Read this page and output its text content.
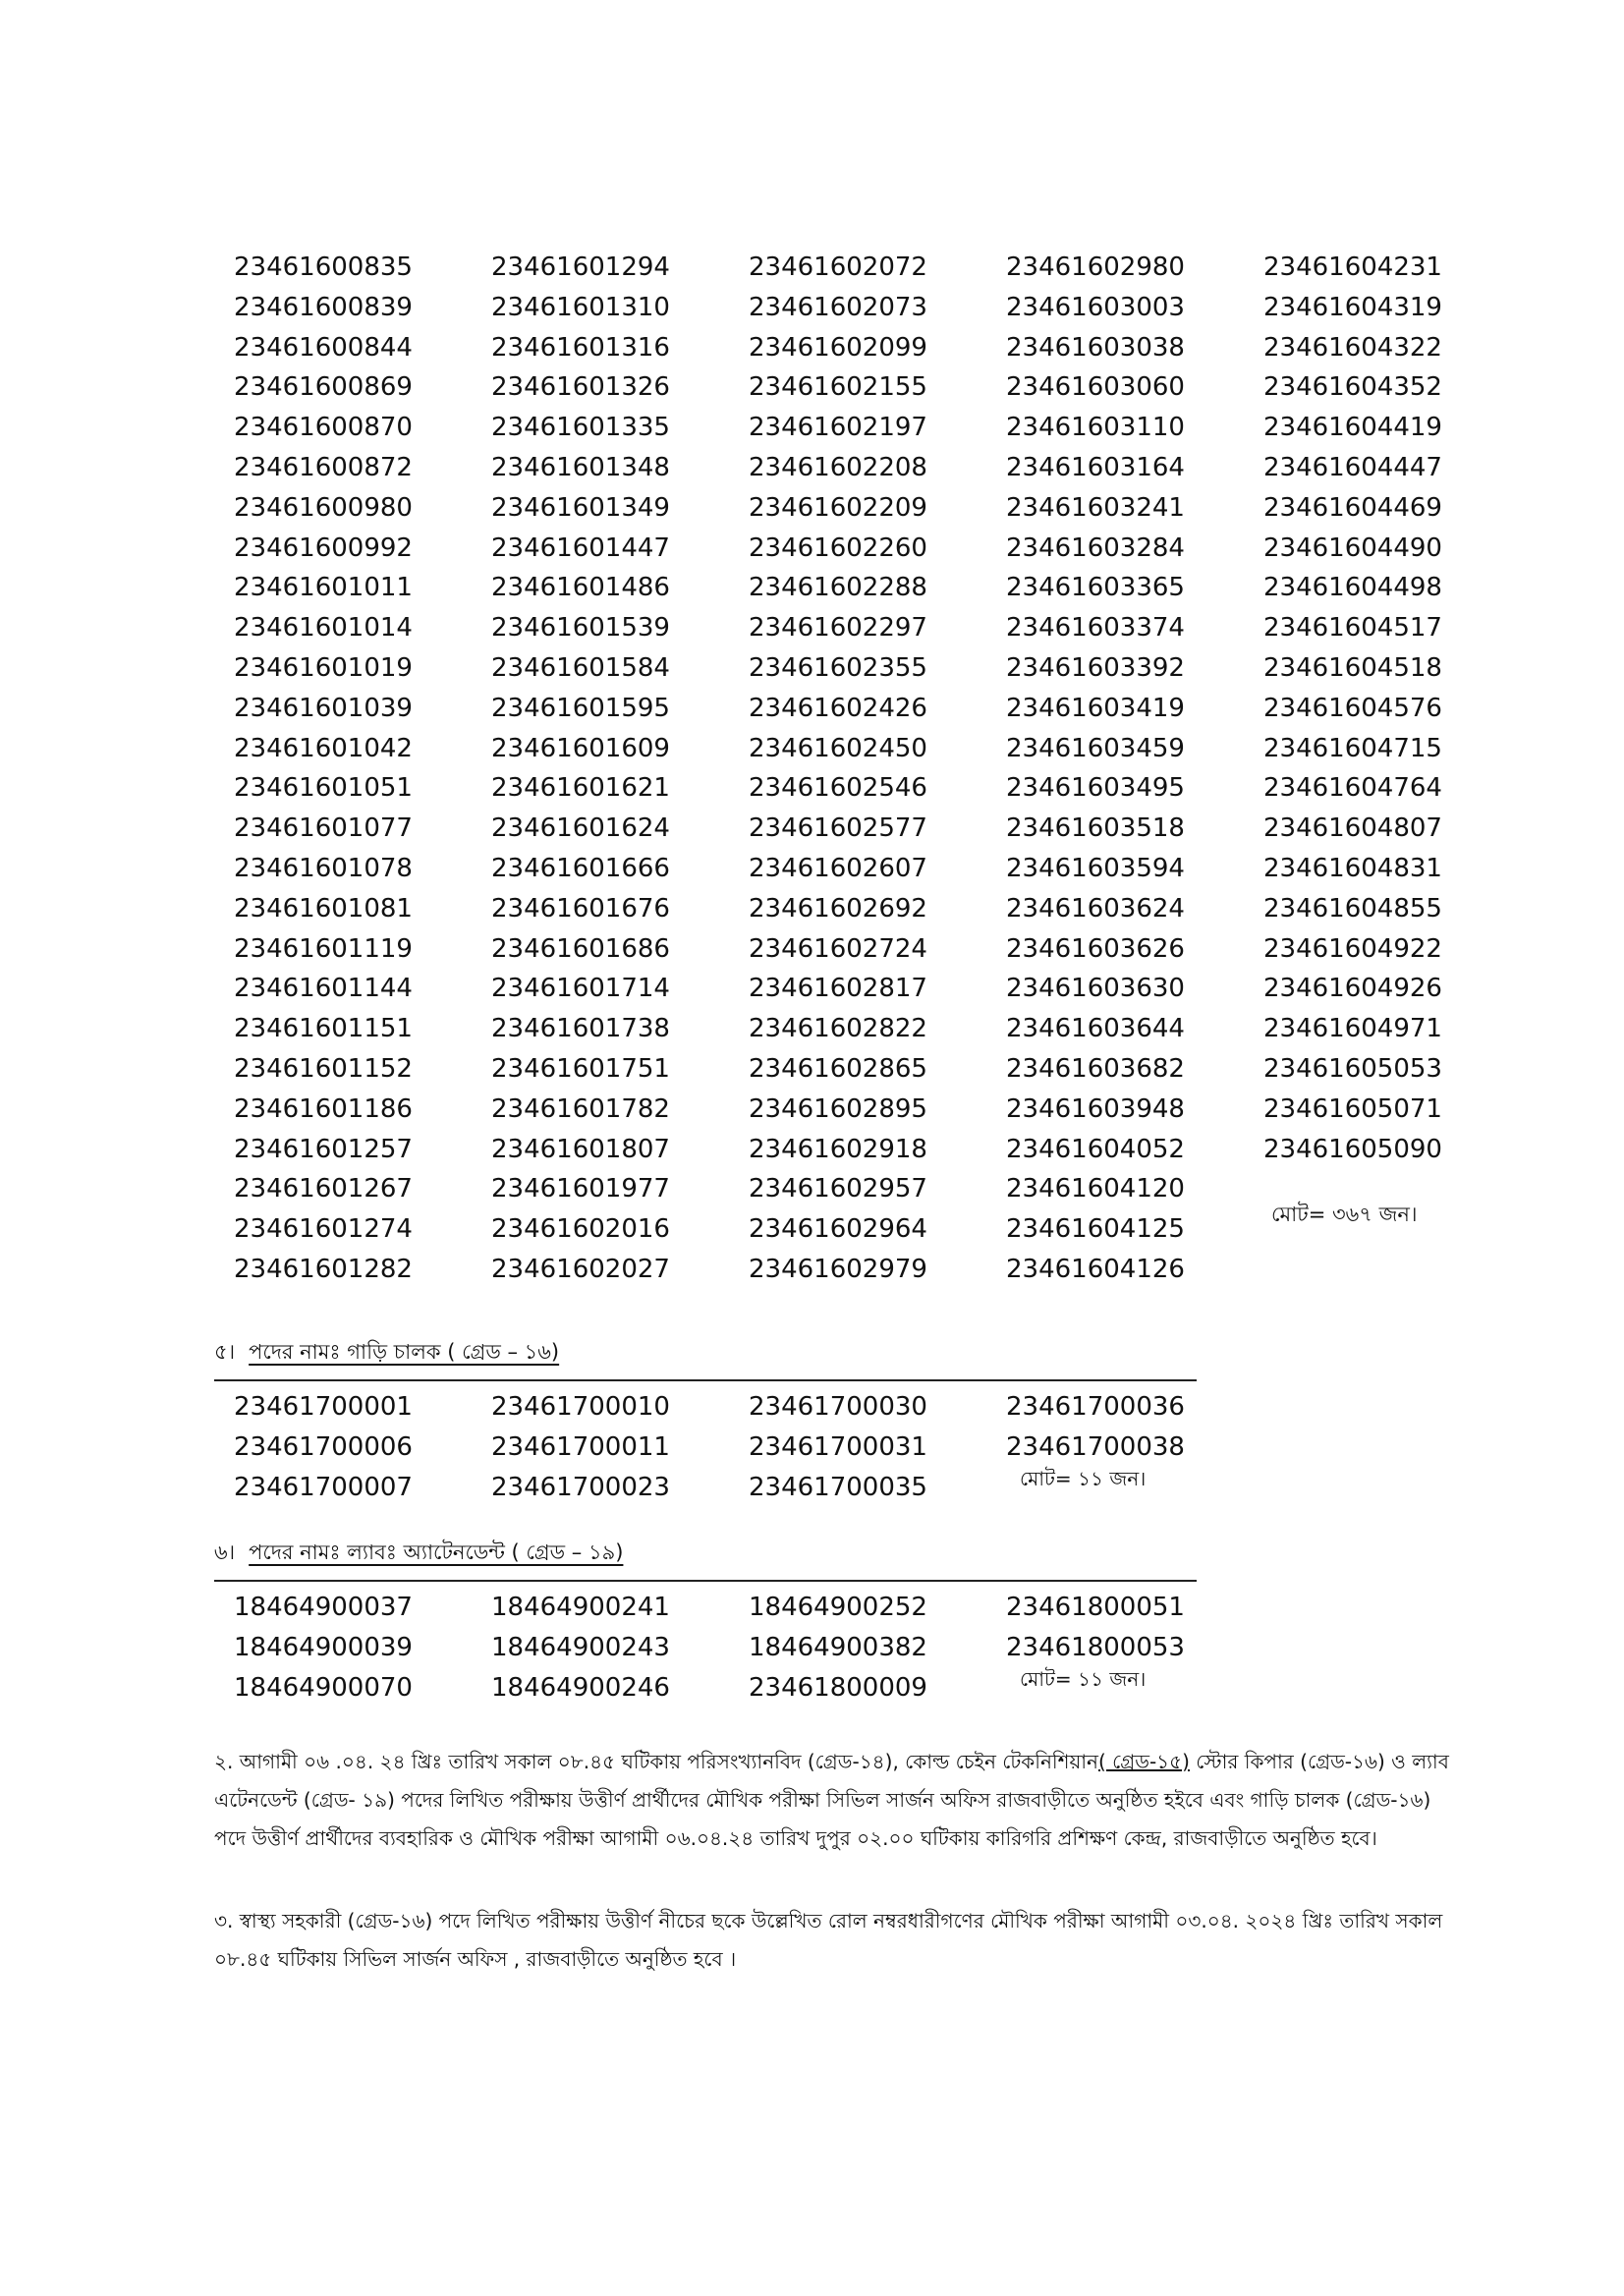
23461600835
23461600839
23461600844
23461600869
23461600870
23461600872
23461600980
23461600992
23461601011
23461601014
23461601019
23461601039
23461601042
23461601051
23461601077
23461601078
23461601081
23461601119
23461601144
23461601151
23461601152
23461601186
23461601257
23461601267
23461601274
23461601282
23461601294
23461601310
23461601316
23461601326
23461601335
23461601348
23461601349
23461601447
23461601486
23461601539
23461601584
23461601595
23461601609
23461601621
23461601624
23461601666
23461601676
23461601686
23461601714
23461601738
23461601751
23461601782
23461601807
23461601977
23461602016
23461602027
23461602072
23461602073
23461602099
23461602155
23461602197
23461602208
23461602209
23461602260
23461602288
23461602297
23461602355
23461602426
23461602450
23461602546
23461602577
23461602607
23461602692
23461602724
23461602817
23461602822
23461602865
23461602895
23461602918
23461602957
23461602964
23461602979
23461602980
23461603003
23461603038
23461603060
23461603110
23461603164
23461603241
23461603284
23461603365
23461603374
23461603392
23461603419
23461603459
23461603495
23461603518
23461603594
23461603624
23461603626
23461603630
23461603644
23461603682
23461603948
23461604052
23461604120
23461604125
23461604126
23461604231
23461604319
23461604322
23461604352
23461604419
23461604447
23461604469
23461604490
23461604498
23461604517
23461604518
23461604576
23461604715
23461604764
23461604807
23461604831
23461604855
23461604922
23461604926
23461604971
23461605053
23461605071
23461605090
মোট= ৩৬৭ জন।
৫। পদের নামঃ গাড়ি চালক ( গ্রেড – ১৬)
23461700001
23461700006
23461700007
23461700010
23461700011
23461700023
23461700030
23461700031
23461700035
23461700036
23461700038
মোট= ১১ জন।
৬। পদের নামঃ ল্যাবঃ অ্যাটেনডেন্ট ( গ্রেড – ১৯)
18464900037
18464900039
18464900070
18464900241
18464900243
18464900246
18464900252
18464900382
23461800009
23461800051
23461800053
মোট= ১১ জন।
২. আগামী ০৬ .০৪. ২৪ খ্রিঃ তারিখ সকাল ০৮.৪৫ ঘটিকায় পরিসংখ্যানবিদ (গ্রেড-১৪), কোল্ড চেইন টেকনিশিয়ান( গ্রেড-১৫) স্টোর কিপার (গ্রেড-১৬) ও ল্যাব এটেনডেন্ট (গ্রেড- ১৯) পদের লিখিত পরীক্ষায় উত্তীর্ণ প্রার্থীদের মৌখিক পরীক্ষা সিভিল সার্জন অফিস রাজবাড়ীতে অনুষ্ঠিত হইবে এবং গাড়ি চালক (গ্রেড-১৬) পদে উত্তীর্ণ প্রার্থীদের ব্যবহারিক ও মৌখিক পরীক্ষা আগামী ০৬.০৪.২৪ তারিখ দুপুর ০২.০০ ঘটিকায় কারিগরি প্রশিক্ষণ কেন্দ্র, রাজবাড়ীতে অনুষ্ঠিত হবে।
৩. স্বাস্থ্য সহকারী (গ্রেড-১৬) পদে লিখিত পরীক্ষায় উত্তীর্ণ নীচের ছকে উল্লেখিত রোল নম্বরধারীগণের মৌখিক পরীক্ষা আগামী ০৩.০৪. ২০২৪ খ্রিঃ তারিখ সকাল ০৮.৪৫ ঘটিকায় সিভিল সার্জন অফিস , রাজবাড়ীতে অনুষ্ঠিত হবে ।
